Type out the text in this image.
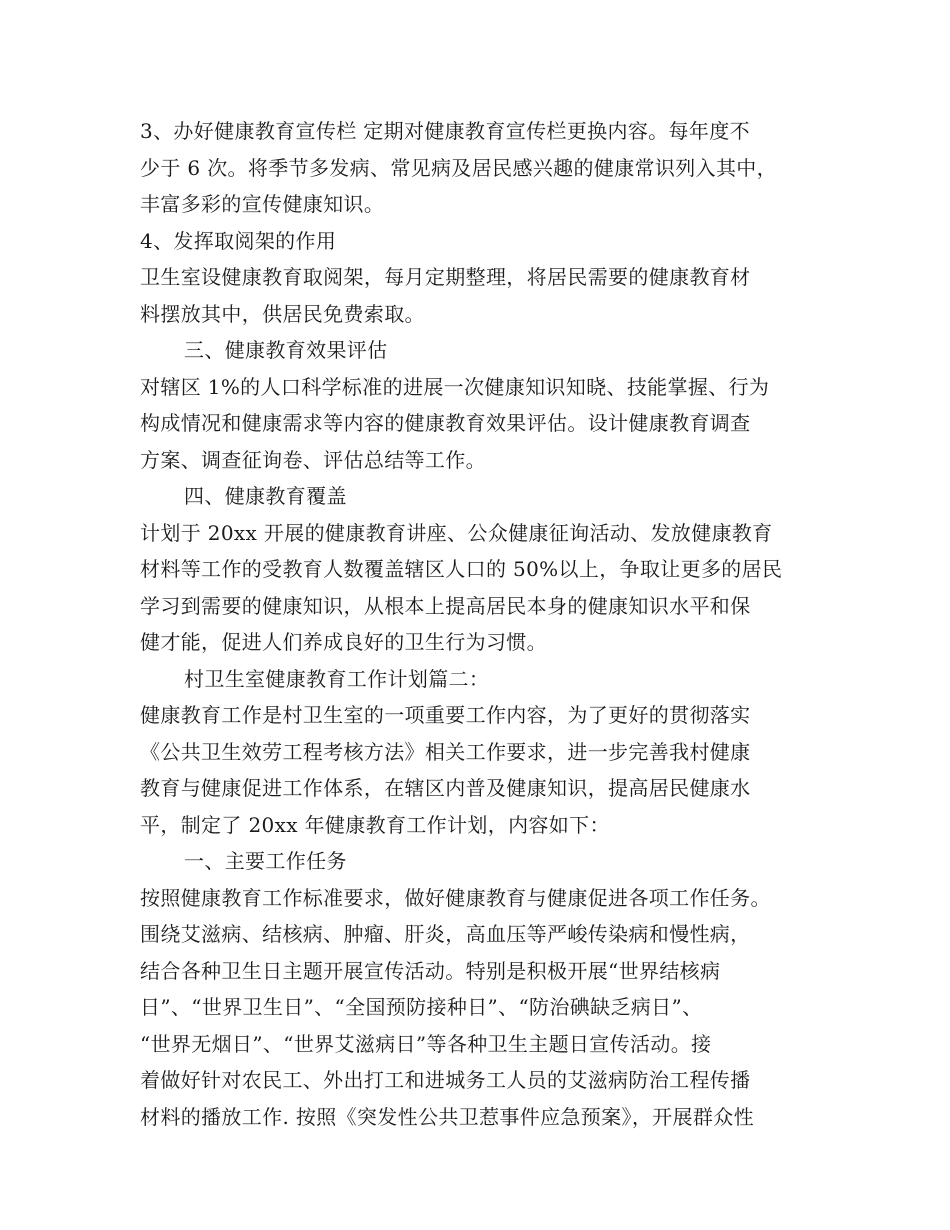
3、办好健康教育宣传栏 定期对健康教育宣传栏更换内容。每年度不
少于 6 次。将季节多发病、常见病及居民感兴趣的健康常识列入其中，
丰富多彩的宣传健康知识。
4、发挥取阅架的作用
卫生室设健康教育取阅架，每月定期整理，将居民需要的健康教育材
料摆放其中，供居民免费索取。
三、健康教育效果评估
对辖区 1%的人口科学标准的进展一次健康知识知晓、技能掌握、行为
构成情况和健康需求等内容的健康教育效果评估。设计健康教育调查
方案、调查征询卷、评估总结等工作。
四、健康教育覆盖
计划于 20xx 开展的健康教育讲座、公众健康征询活动、发放健康教育
材料等工作的受教育人数覆盖辖区人口的 50%以上，争取让更多的居民
学习到需要的健康知识，从根本上提高居民本身的健康知识水平和保
健才能，促进人们养成良好的卫生行为习惯。
村卫生室健康教育工作计划篇二：
健康教育工作是村卫生室的一项重要工作内容，为了更好的贯彻落实
《公共卫生效劳工程考核方法》相关工作要求，进一步完善我村健康
教育与健康促进工作体系，在辖区内普及健康知识，提高居民健康水
平，制定了 20xx 年健康教育工作计划，内容如下：
一、主要工作任务
按照健康教育工作标准要求，做好健康教育与健康促进各项工作任务。
围绕艾滋病、结核病、肿瘤、肝炎，高血压等严峻传染病和慢性病，
结合各种卫生日主题开展宣传活动。特别是积极开展“世界结核病
日”、“世界卫生日”、“全国预防接种日”、“防治碘缺乏病日”、
“世界无烟日”、“世界艾滋病日”等各种卫生主题日宣传活动。接
着做好针对农民工、外出打工和进城务工人员的艾滋病防治工程传播
材料的播放工作. 按照《突发性公共卫惹事件应急预案》，开展群众性
